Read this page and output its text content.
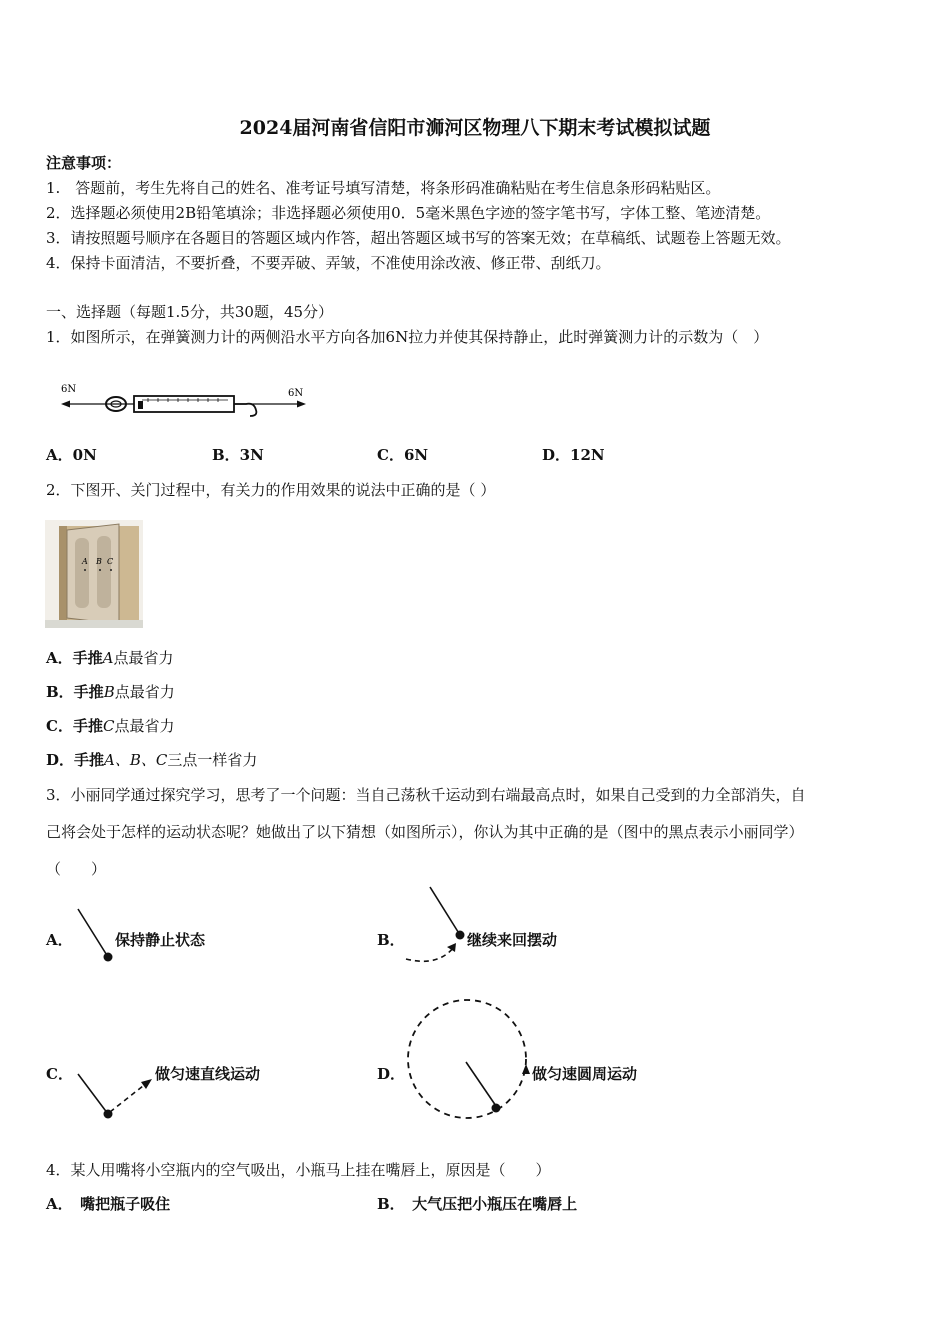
2024届河南省信阳市浉河区物理八下期末考试模拟试题
注意事项：
1.　答题前，考生先将自己的姓名、准考证号填写清楚，将条形码准确粘贴在考生信息条形码粘贴区。
2．选择题必须使用2B铅笔填涂；非选择题必须使用0．5毫米黑色字迹的签字笔书写，字体工整、笔迹清楚。
3．请按照题号顺序在各题目的答题区域内作答，超出答题区域书写的答案无效；在草稿纸、试题卷上答题无效。
4．保持卡面清洁，不要折叠，不要弄破、弄皱，不准使用涂改液、修正带、刮纸刀。
一、选择题（每题1.5分，共30题，45分）
1．如图所示，在弹簧测力计的两侧沿水平方向各加6N拉力并使其保持静止，此时弹簧测力计的示数为（　）
6N	6N
A．0N	B．3N	C．6N	D．12N
2．下图开、关门过程中，有关力的作用效果的说法中正确的是（ ）
A B C
A．手推A点最省力
B．手推B点最省力
C．手推C点最省力
D．手推A、B、C三点一样省力
3．小丽同学通过探究学习，思考了一个问题：当自己荡秋千运动到右端最高点时，如果自己受到的力全部消失，自
己将会处于怎样的运动状态呢？她做出了以下猜想（如图所示），你认为其中正确的是（图中的黑点表示小丽同学）
（　　）
A．	保持静止状态	B．	继续来回摆动
C．	做匀速直线运动	D．	做匀速圆周运动
4．某人用嘴将小空瓶内的空气吸出，小瓶马上挂在嘴唇上，原因是（　　）
A．　嘴把瓶子吸住	B．　大气压把小瓶压在嘴唇上
